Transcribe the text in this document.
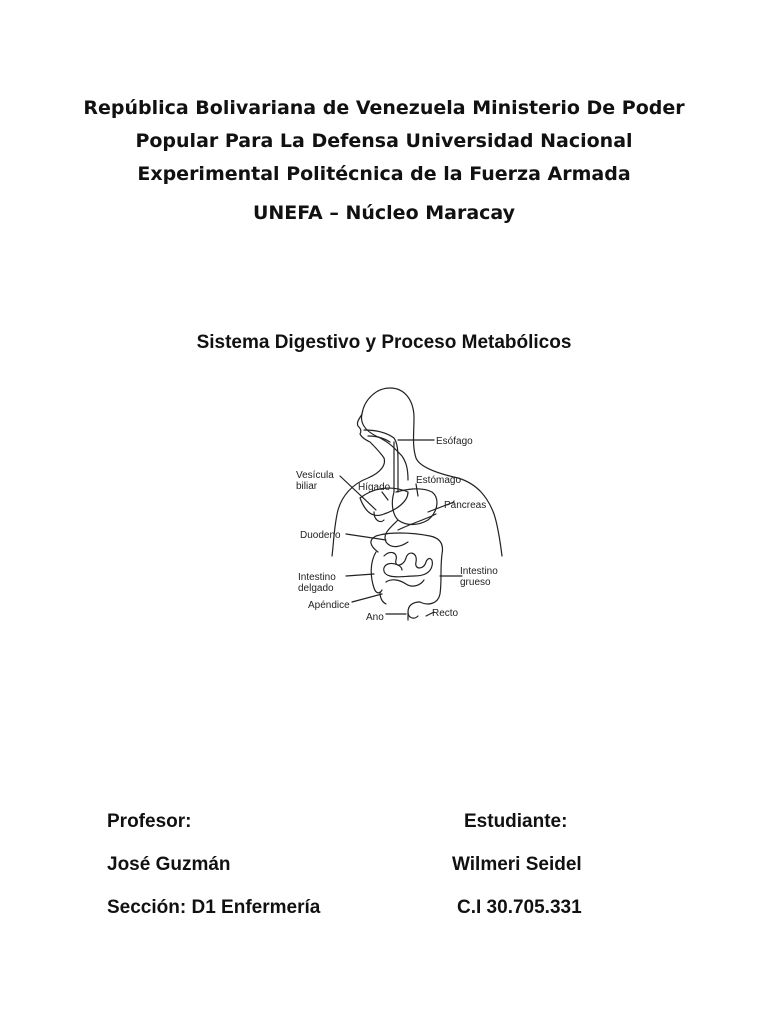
República Bolivariana de Venezuela Ministerio De Poder
Popular Para La Defensa Universidad Nacional
Experimental Politécnica de la Fuerza Armada
UNEFA – Núcleo Maracay
Sistema Digestivo y Proceso Metabólicos
Esófago
Vesícula
biliar	Hígado
Estómago
Páncreas
Duodeno
Intestino
delgado
Intestino
grueso
Apéndice
Ano	Recto
Profesor:
José Guzmán
Sección: D1 Enfermería
Estudiante:
Wilmeri Seidel
C.I 30.705.331
